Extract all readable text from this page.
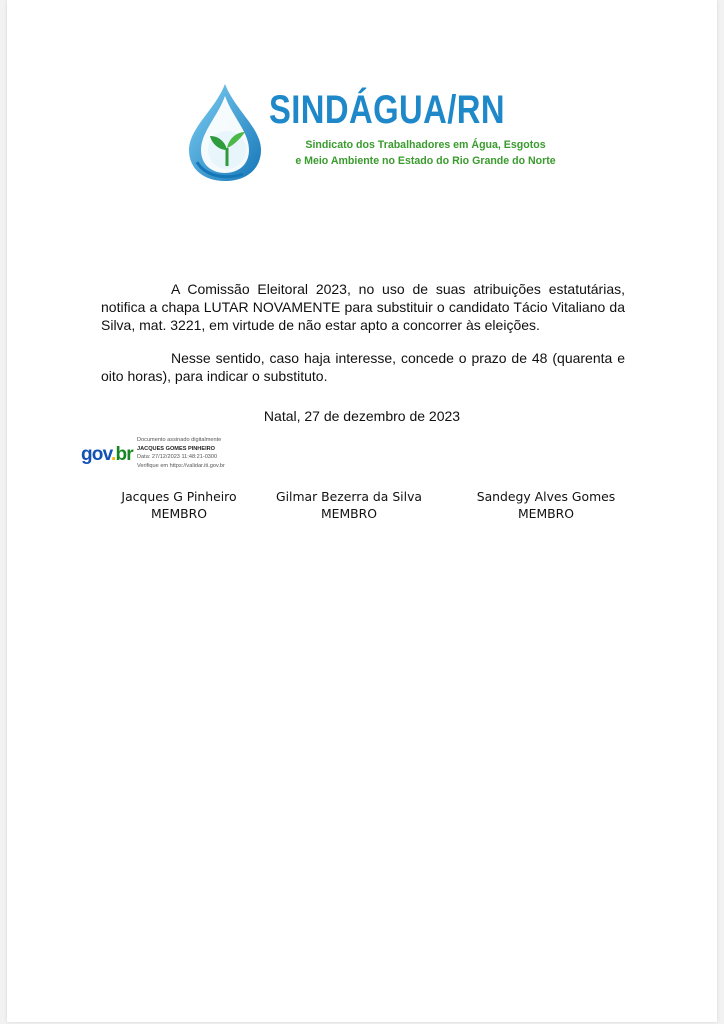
SINDÁGUA/RN
Sindicato dos Trabalhadores em Água, Esgotos
e Meio Ambiente no Estado do Rio Grande do Norte

A Comissão Eleitoral 2023, no uso de suas atribuições estatutárias, notifica a chapa LUTAR NOVAMENTE para substituir o candidato Tácio Vitaliano da Silva, mat. 3221, em virtude de não estar apto a concorrer às eleições.

Nesse sentido, caso haja interesse, concede o prazo de 48 (quarenta e oito horas), para indicar o substituto.

Natal, 27 de dezembro de 2023
gov.br
Documento assinado digitalmente
JACQUES GOMES PINHEIRO
Data: 27/12/2023 11:48:21-0300
Verifique em https://validar.iti.gov.br
Jacques G Pinheiro
MEMBRO
Gilmar Bezerra da Silva
MEMBRO
Sandegy Alves Gomes
MEMBRO
